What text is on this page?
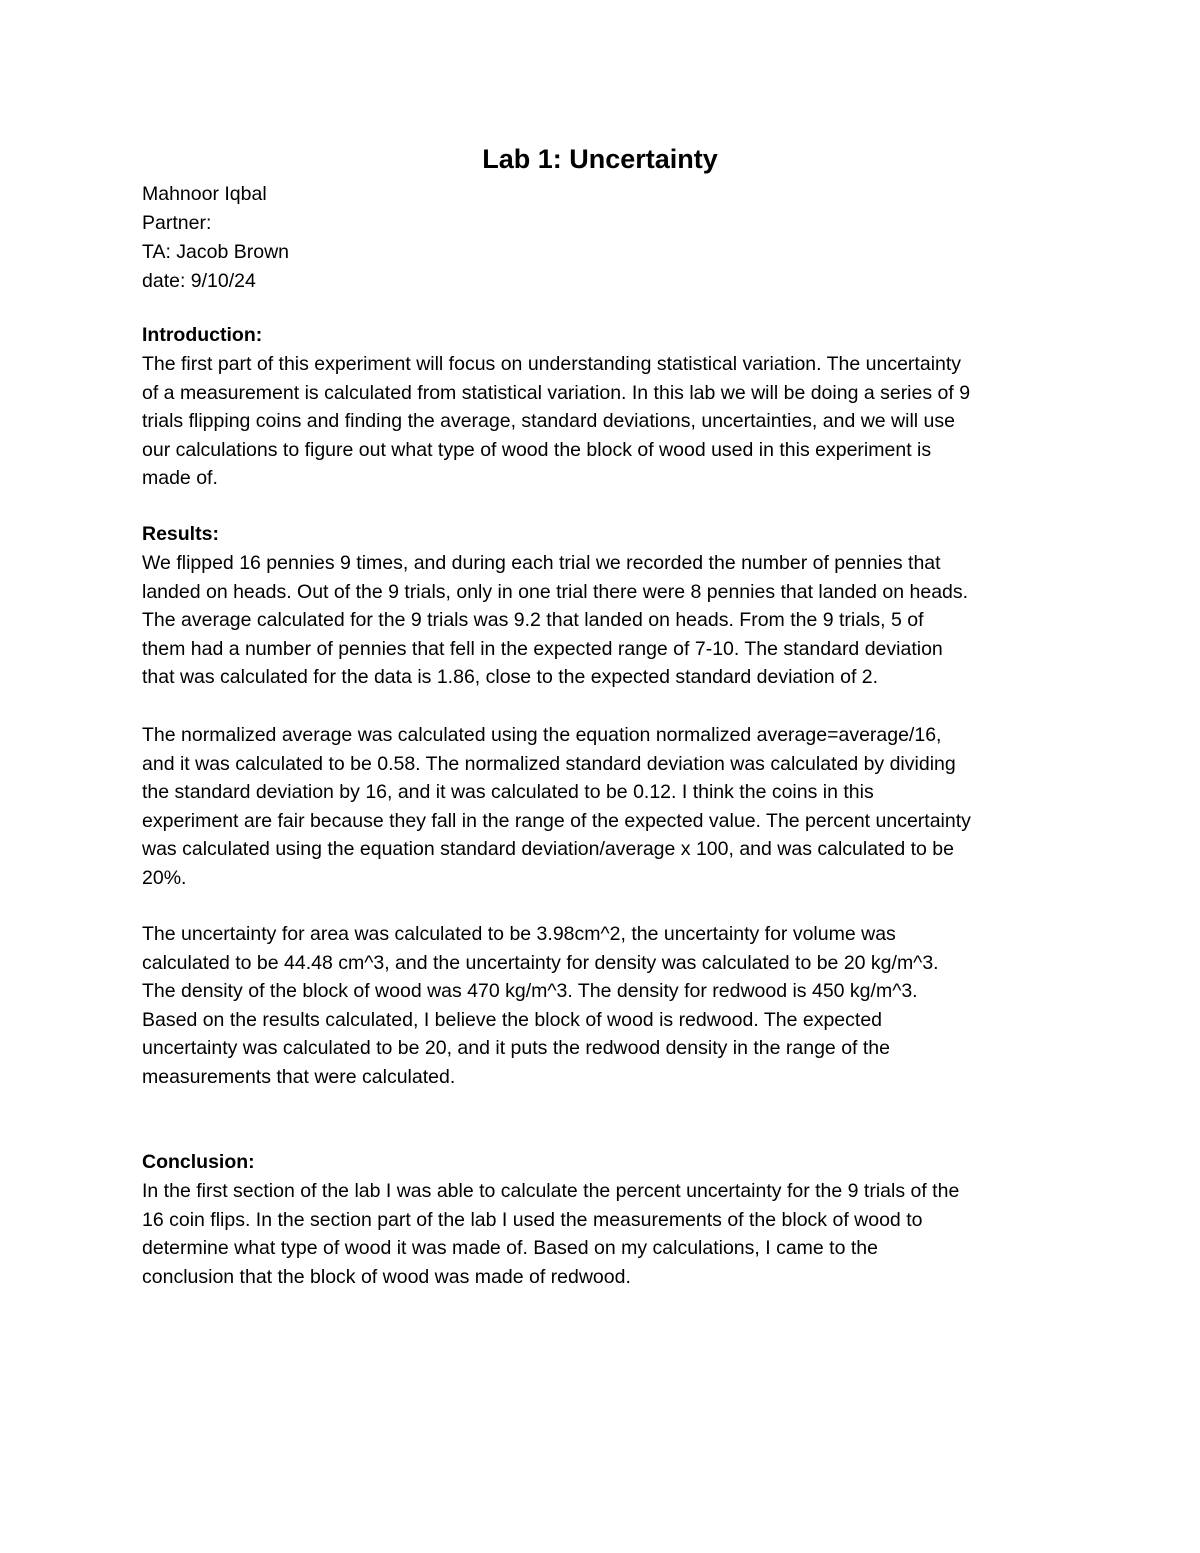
Lab 1: Uncertainty
Mahnoor Iqbal
Partner:
TA: Jacob Brown
date: 9/10/24
Introduction:

The first part of this experiment will focus on understanding statistical variation. The uncertainty
of a measurement is calculated from statistical variation. In this lab we will be doing a series of 9
trials flipping coins and finding the average, standard deviations, uncertainties, and we will use
our calculations to figure out what type of wood the block of wood used in this experiment is
made of.

Results:

We flipped 16 pennies 9 times, and during each trial we recorded the number of pennies that
landed on heads. Out of the 9 trials, only in one trial there were 8 pennies that landed on heads.
The average calculated for the 9 trials was 9.2 that landed on heads. From the 9 trials, 5 of
them had a number of pennies that fell in the expected range of 7-10. The standard deviation
that was calculated for the data is 1.86, close to the expected standard deviation of 2.

The normalized average was calculated using the equation normalized average=average/16,
and it was calculated to be 0.58. The normalized standard deviation was calculated by dividing
the standard deviation by 16, and it was calculated to be 0.12. I think the coins in this
experiment are fair because they fall in the range of the expected value. The percent uncertainty
was calculated using the equation standard deviation/average x 100, and was calculated to be
20%.

The uncertainty for area was calculated to be 3.98cm^2, the uncertainty for volume was
calculated to be 44.48 cm^3, and the uncertainty for density was calculated to be 20 kg/m^3.
The density of the block of wood was 470 kg/m^3. The density for redwood is 450 kg/m^3.
Based on the results calculated, I believe the block of wood is redwood. The expected
uncertainty was calculated to be 20, and it puts the redwood density in the range of the
measurements that were calculated.

Conclusion:

In the first section of the lab I was able to calculate the percent uncertainty for the 9 trials of the
16 coin flips. In the section part of the lab I used the measurements of the block of wood to
determine what type of wood it was made of. Based on my calculations, I came to the
conclusion that the block of wood was made of redwood.
